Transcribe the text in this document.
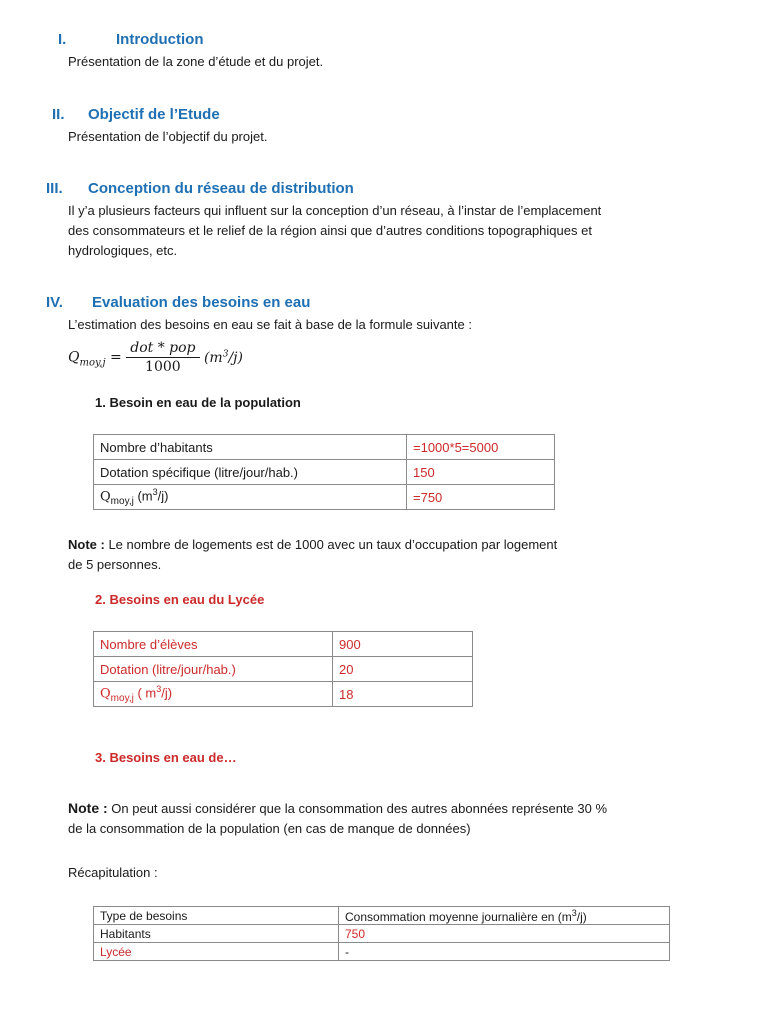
I.	Introduction
Présentation de la zone d’étude et du projet.
II. Objectif de l’Etude
Présentation de l’objectif du projet.
III. Conception du réseau de distribution
Il y’a plusieurs facteurs qui influent sur la conception d’un réseau, à l’instar de l’emplacement
des consommateurs et le relief de la région ainsi que d’autres conditions topographiques et
hydrologiques, etc.
IV. Evaluation des besoins en eau
L’estimation des besoins en eau se fait à base de la formule suivante :
$Q_{moy,j} = \frac{\text{dot * pop}}{1000} (m^3/j)$
1. Besoin en eau de la population
Nombre d’habitants	=1000*5=5000
Dotation spécifique (litre/jour/hab.)	150
$Q_{moy,j}$ $(m^3/j)$	=750
Note : Le nombre de logements est de 1000 avec un taux d’occupation par logement
de 5 personnes.
2. Besoins en eau du Lycée
Nombre d’élèves	900
Dotation (litre/jour/hab.)	20
$Q_{moy,j}$ ( $m^3/j$)	18
3. Besoins en eau de…
Note : On peut aussi considérer que la consommation des autres abonnées représente 30 %
de la consommation de la population (en cas de manque de données)
Récapitulation :
Type de besoins	Consommation moyenne journalière en $(m^3/j)$
Habitants	750
Lycée	-
